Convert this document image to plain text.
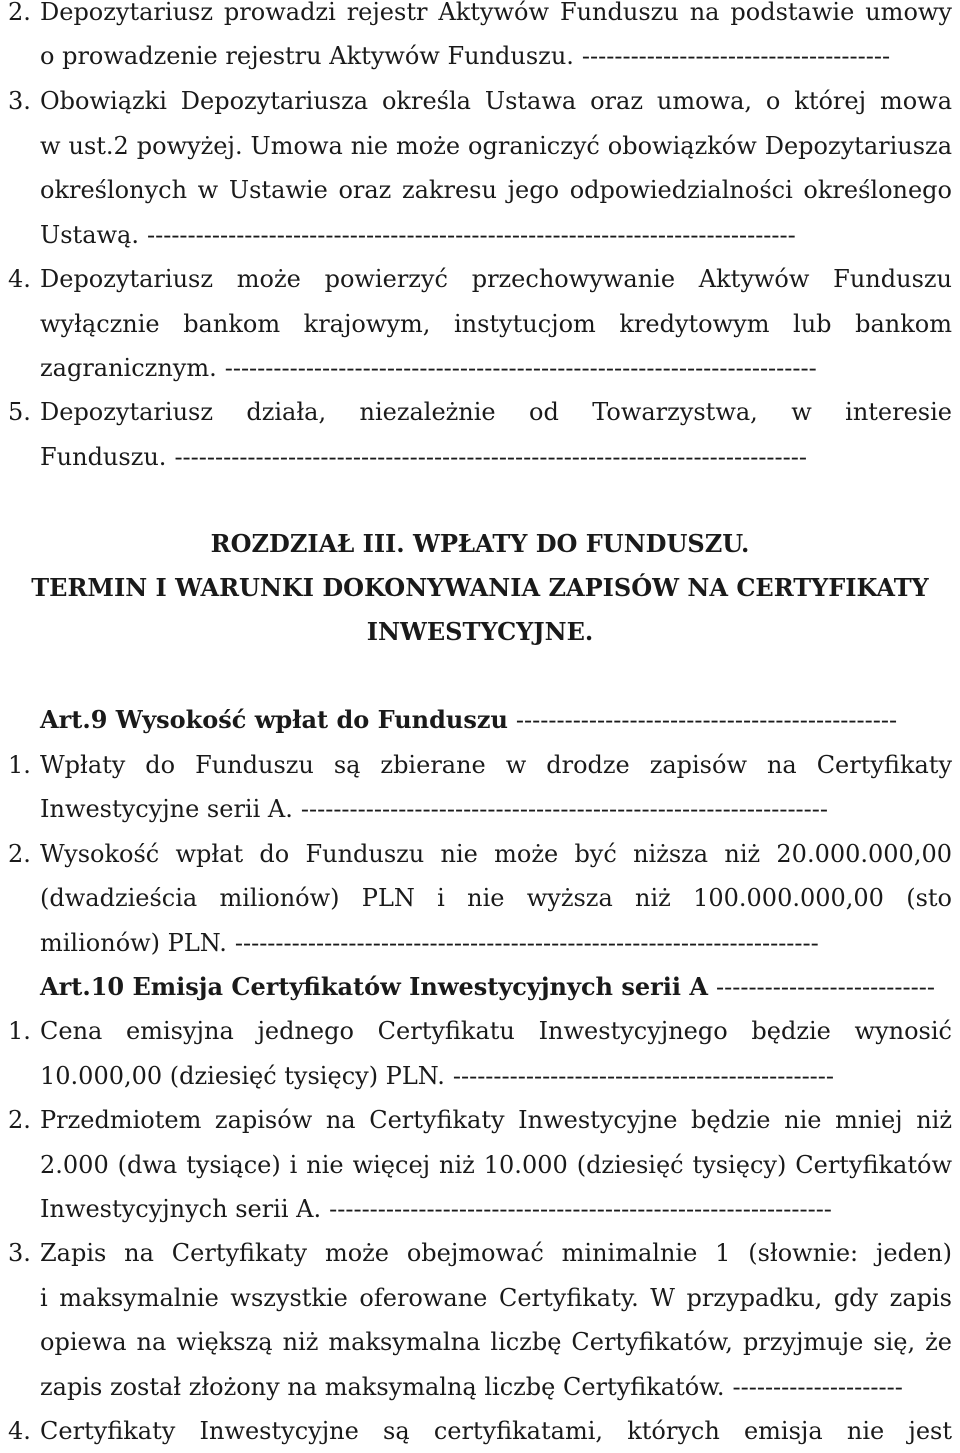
2. Depozytariusz prowadzi rejestr Aktywów Funduszu na podstawie umowy
o prowadzenie rejestru Aktywów Funduszu. --------------------------------------
3. Obowiązki Depozytariusza określa Ustawa oraz umowa, o której mowa
w ust.2 powyżej. Umowa nie może ograniczyć obowiązków Depozytariusza
określonych w Ustawie oraz zakresu jego odpowiedzialności określonego
Ustawą. --------------------------------------------------------------------------------
4. Depozytariusz może powierzyć przechowywanie Aktywów Funduszu
wyłącznie bankom krajowym, instytucjom kredytowym lub bankom
zagranicznym. -------------------------------------------------------------------------
5. Depozytariusz działa, niezależnie od Towarzystwa, w interesie
Funduszu. ------------------------------------------------------------------------------
ROZDZIAŁ III. WPŁATY DO FUNDUSZU.
TERMIN I WARUNKI DOKONYWANIA ZAPISÓW NA CERTYFIKATY
INWESTYCYJNE.
Art.9 Wysokość wpłat do Funduszu -----------------------------------------------
1. Wpłaty do Funduszu są zbierane w drodze zapisów na Certyfikaty
Inwestycyjne serii A. -----------------------------------------------------------------
2. Wysokość wpłat do Funduszu nie może być niższa niż 20.000.000,00
(dwadzieścia milionów) PLN i nie wyższa niż 100.000.000,00 (sto
milionów) PLN. ------------------------------------------------------------------------
Art.10 Emisja Certyfikatów Inwestycyjnych serii A ---------------------------
1. Cena emisyjna jednego Certyfikatu Inwestycyjnego będzie wynosić
10.000,00 (dziesięć tysięcy) PLN. -----------------------------------------------
2. Przedmiotem zapisów na Certyfikaty Inwestycyjne będzie nie mniej niż
2.000 (dwa tysiące) i nie więcej niż 10.000 (dziesięć tysięcy) Certyfikatów
Inwestycyjnych serii A. --------------------------------------------------------------
3. Zapis na Certyfikaty może obejmować minimalnie 1 (słownie: jeden)
i maksymalnie wszystkie oferowane Certyfikaty. W przypadku, gdy zapis
opiewa na większą niż maksymalna liczbę Certyfikatów, przyjmuje się, że
zapis został złożony na maksymalną liczbę Certyfikatów. ---------------------
4. Certyfikaty Inwestycyjne są certyfikatami, których emisja nie jest
